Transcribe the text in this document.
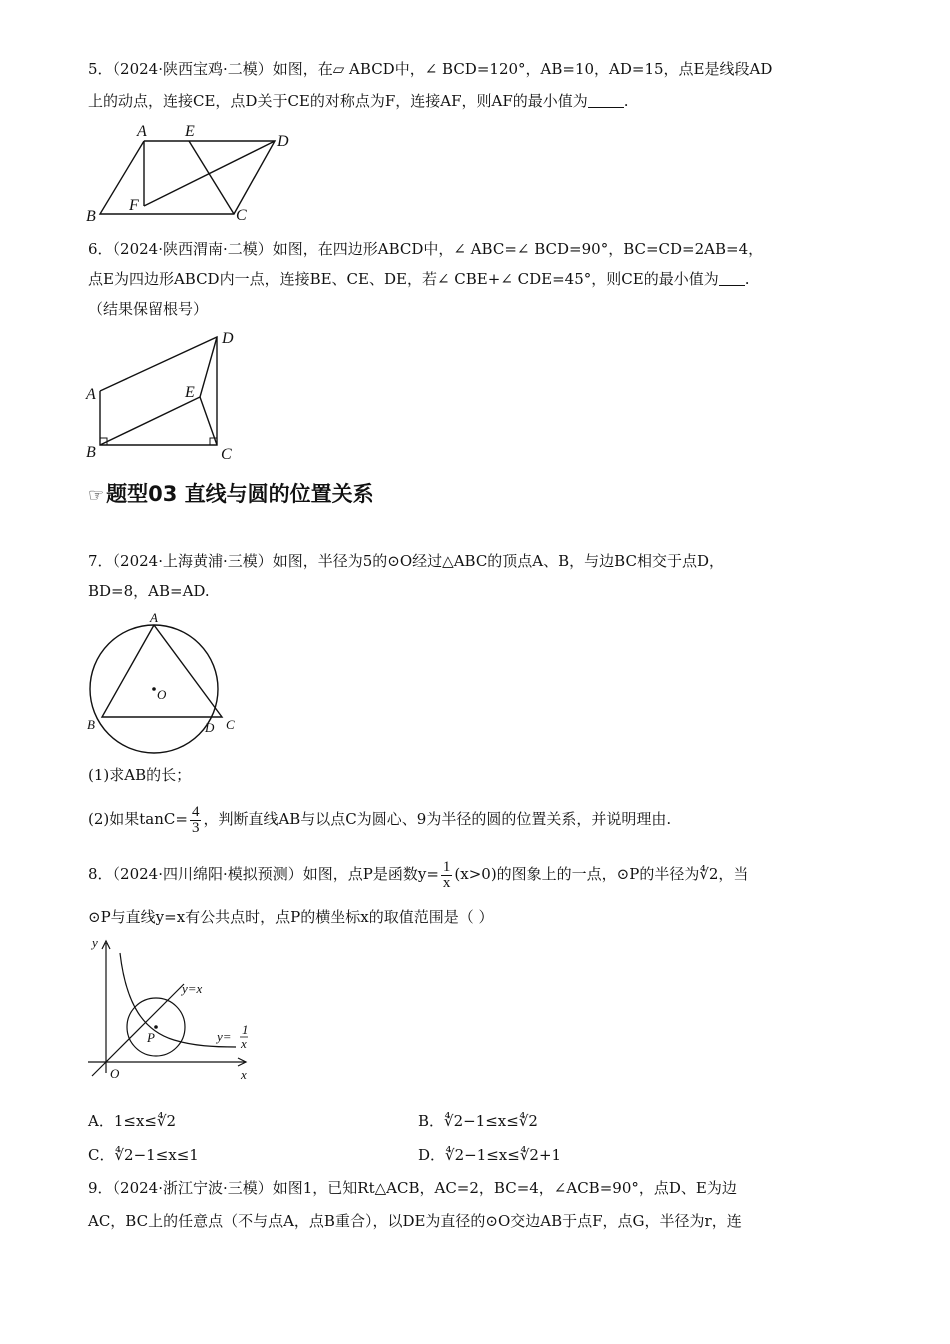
5．（2024·陕西宝鸡·二模）如图，在▱ ABCD中，∠ BCD=120°，AB=10，AD=15，点E是线段AD
上的动点，连接CE，点D关于CE的对称点为F，连接AF，则AF的最小值为 .
A E
D
B
F
C
6．（2024·陕西渭南·二模）如图，在四边形ABCD中，∠ ABC=∠ BCD=90°，BC=CD=2AB=4，
点E为四边形ABCD内一点，连接BE、CE、DE，若∠ CBE+∠ CDE=45°，则CE的最小值为 .
（结果保留根号）
A
D
E
B	C
☞题型03 直线与圆的位置关系
7．（2024·上海黄浦·三模）如图，半径为5的⊙O经过△ABC的顶点A、B，与边BC相交于点D，
BD=8，AB=AD.
A
O
B	D C
(1)求AB的长；
(2)如果$\tan C= \frac{4}{3}$ ，判断直线AB与以点C为圆心、9为半径的圆的位置关系，并说明理由.
8．（2024·四川绵阳·模拟预测）如图，点P是函数$y= \frac{1}{x} (x>0)$的图象上的一点，⊙P的半径为∜2，当
⊙P与直线y=x有公共点时，点P的横坐标x的取值范围是（ ）
y
y=x
P	y= 1
x
O	x
A．1≤x≤∜2	B．∜2−1≤x≤∜2
C．∜2−1≤x≤1	D．∜2−1≤x≤∜2+1
9．（2024·浙江宁波·三模）如图1，已知Rt△ACB，AC=2，BC=4，∠ACB=90°，点D、E为边
AC，BC上的任意点（不与点A，点B重合），以DE为直径的⊙O交边AB于点F，点G，半径为r，连
